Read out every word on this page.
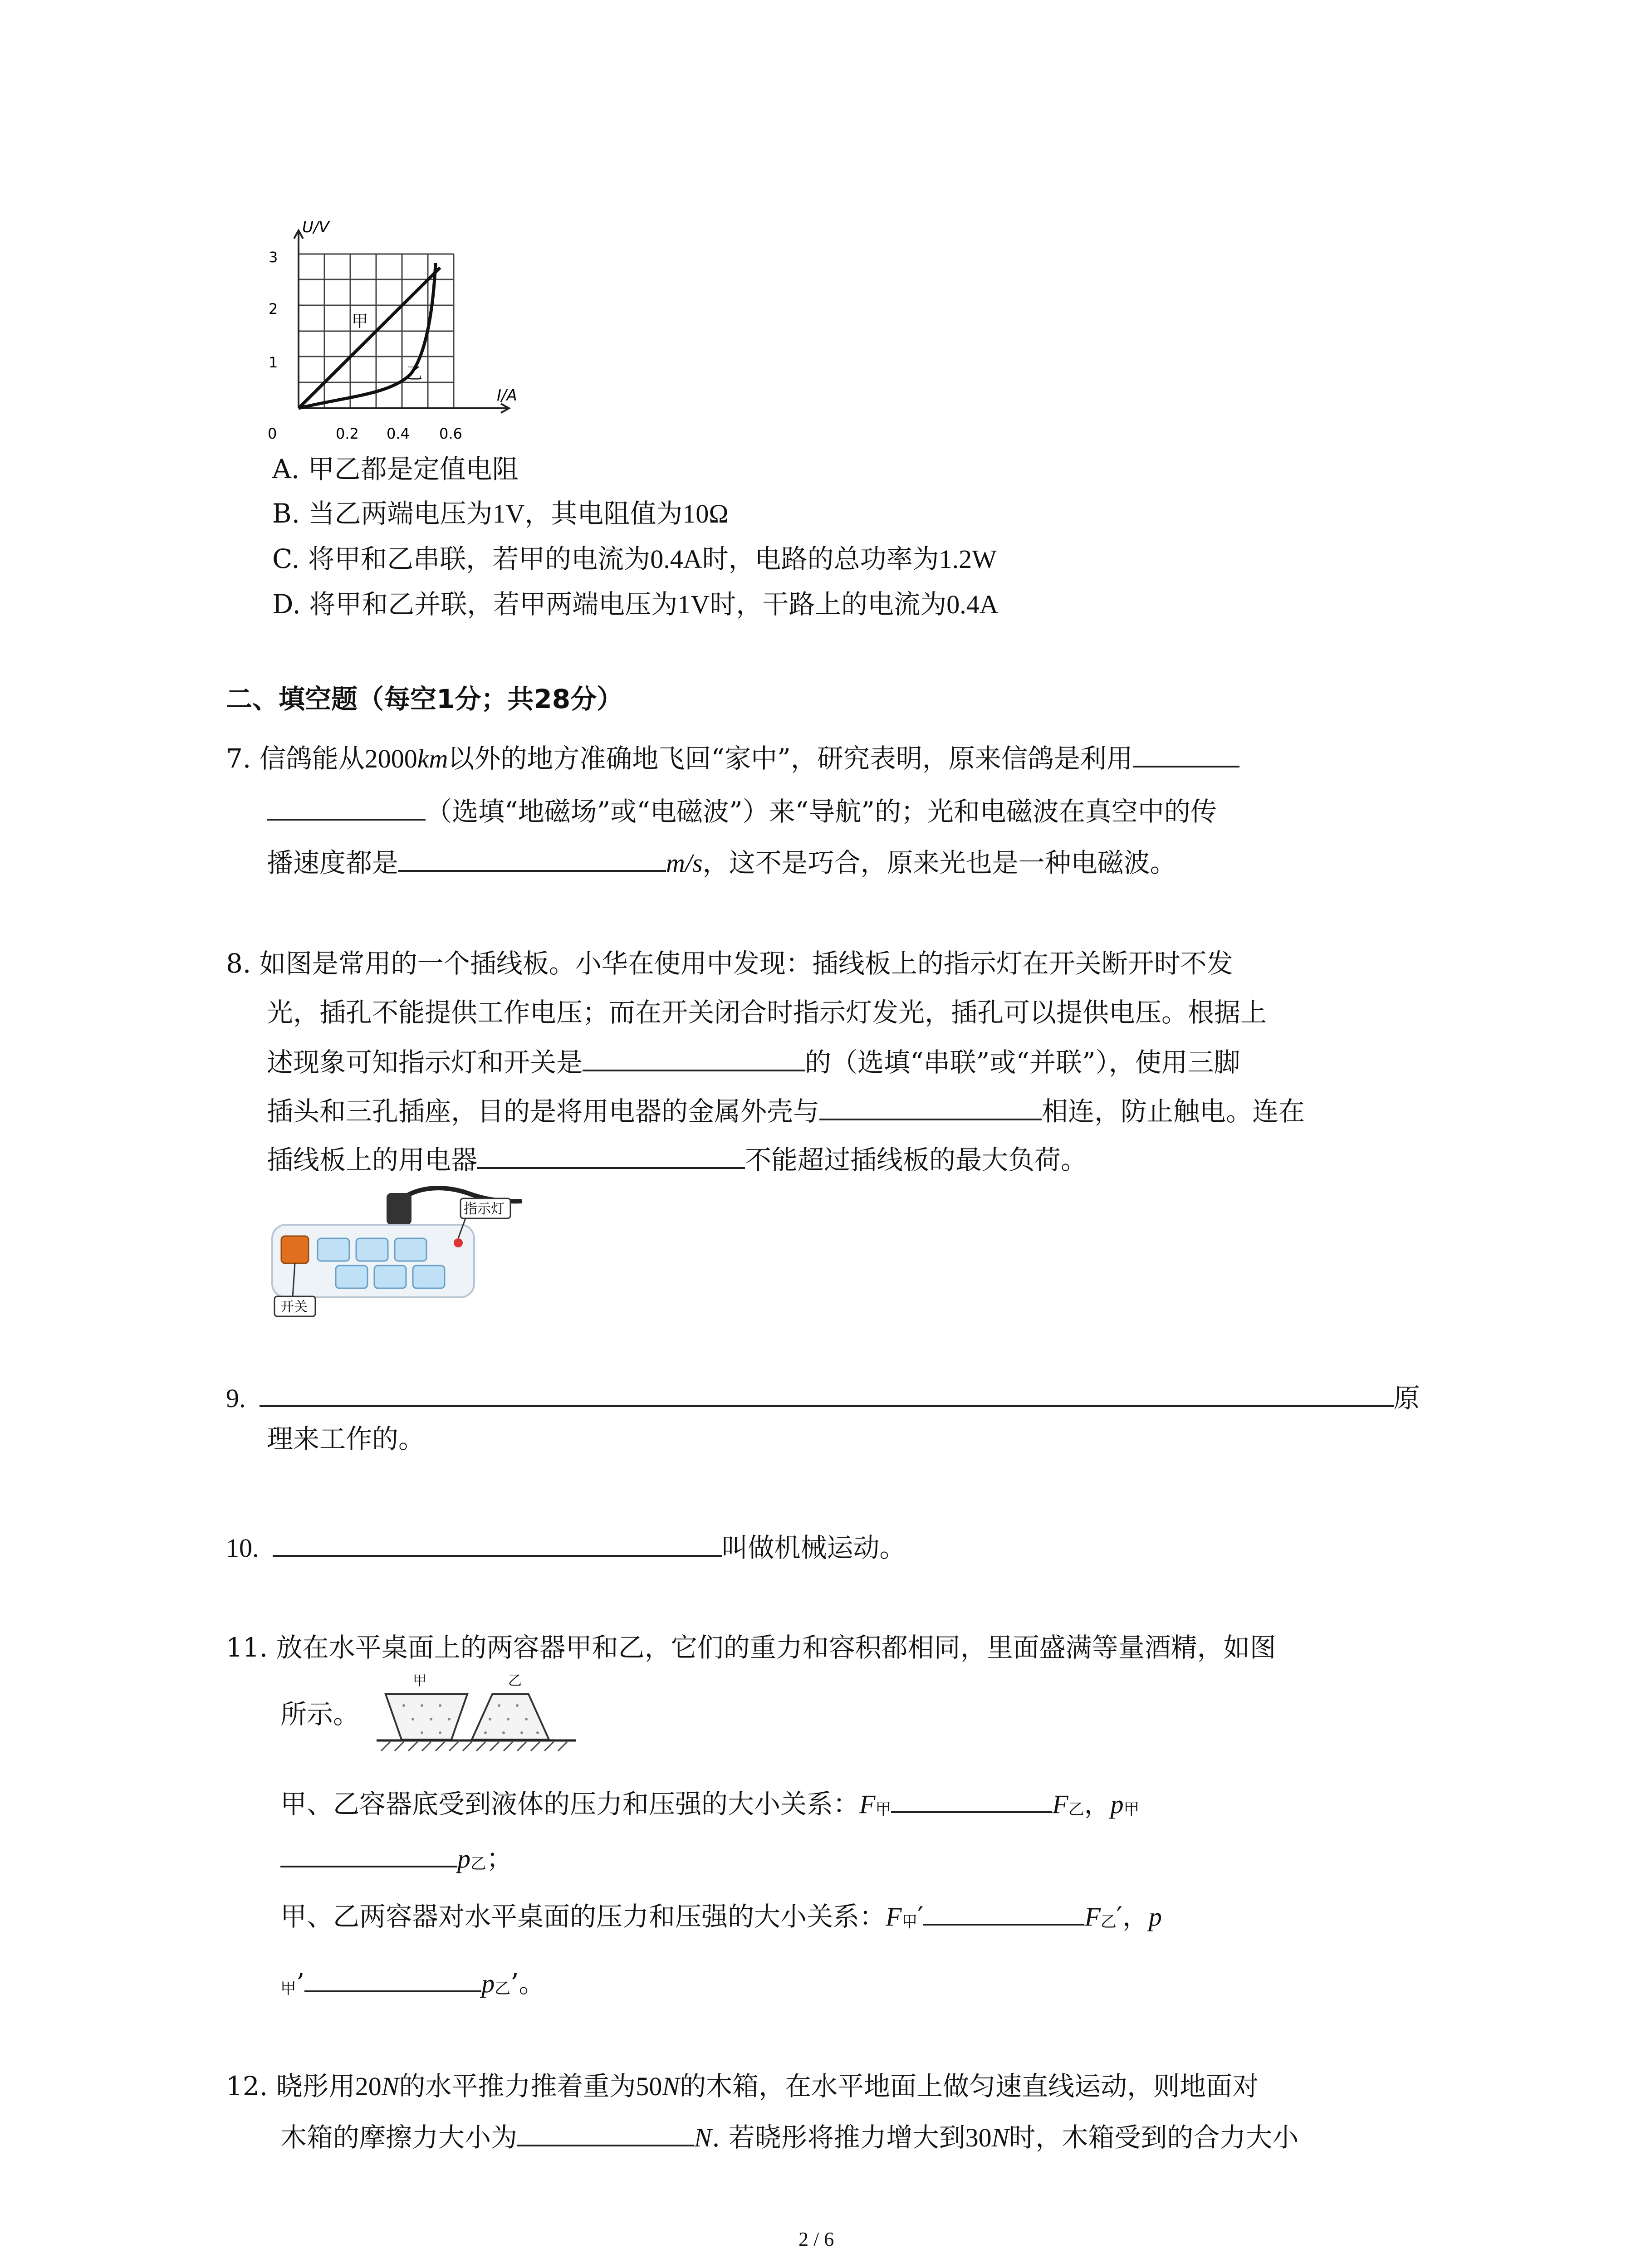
U/V
I/A
0
1
2
3
0.2 0.4 0.6
甲
乙
A. 甲乙都是定值电阻
B. 当乙两端电压为1V，其电阻值为10Ω
C. 将甲和乙串联，若甲的电流为0.4A时，电路的总功率为1.2W
D. 将甲和乙并联，若甲两端电压为1V时，干路上的电流为0.4A
二、填空题（每空1分；共28分）
7. 信鸽能从2000km以外的地方准确地飞回“家中”，研究表明，原来信鸽是利用
（选填“地磁场”或“电磁波”）来“导航”的；光和电磁波在真空中的传
播速度都是	m/s，这不是巧合，原来光也是一种电磁波。
8. 如图是常用的一个插线板。小华在使用中发现：插线板上的指示灯在开关断开时不发
光，插孔不能提供工作电压；而在开关闭合时指示灯发光，插孔可以提供电压。根据上
述现象可知指示灯和开关是	的（选填“串联”或“并联”），使用三脚
插头和三孔插座，目的是将用电器的金属外壳与	相连，防止触电。连在
插线板上的用电器	不能超过插线板的最大负荷。
指示灯
开关
9.	原
理来工作的。
10.	叫做机械运动。
11. 放在水平桌面上的两容器甲和乙，它们的重力和容积都相同，里面盛满等量酒精，如图
所示。
甲	乙
甲、乙容器底受到液体的压力和压强的大小关系：F甲	F乙，p甲
p乙；
甲、乙两容器对水平桌面的压力和压强的大小关系：F甲′	F乙′，p
甲’	p乙’。
12. 晓彤用20N的水平推力推着重为50N的木箱，在水平地面上做匀速直线运动，则地面对
木箱的摩擦力大小为	N. 若晓彤将推力增大到30N时，木箱受到的合力大小
2 / 6
